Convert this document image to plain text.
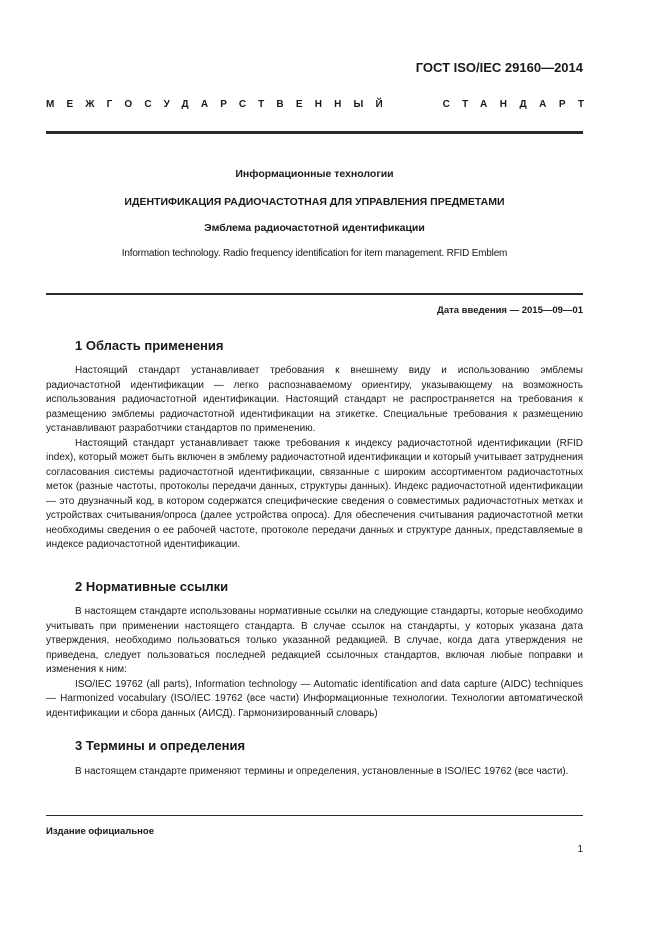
ГОСТ ISO/IEC 29160—2014
МЕЖГОСУДАРСТВЕННЫЙ	СТАНДАРТ
Информационные технологии
ИДЕНТИФИКАЦИЯ РАДИОЧАСТОТНАЯ ДЛЯ УПРАВЛЕНИЯ ПРЕДМЕТАМИ
Эмблема радиочастотной идентификации
Information technology. Radio frequency identification for item management. RFID Emblem
Дата введения — 2015—09—01
1 Область применения

Настоящий стандарт устанавливает требования к внешнему виду и использованию эмблемы радиочастотной идентификации — легко распознаваемому ориентиру, указывающему на возможность использования радиочастотной идентификации. Настоящий стандарт не распространяется на требования к размещению эмблемы радиочастотной идентификации на этикетке. Специальные требования к размещению устанавливают разработчики стандартов по применению.

Настоящий стандарт устанавливает также требования к индексу радиочастотной идентификации (RFID index), который может быть включен в эмблему радиочастотной идентификации и который учитывает затруднения согласования системы радиочастотной идентификации, связанные с широким ассортиментом радиочастотных меток (разные частоты, протоколы передачи данных, структуры данных). Индекс радиочастотной идентификации — это двузначный код, в котором содержатся специфические сведения о совместимых радиочастотных метках и устройствах считывания/опроса (далее устройства опроса). Для обеспечения считывания радиочастотной метки необходимы сведения о ее рабочей частоте, протоколе передачи данных и структуре данных, представляемые в индексе радиочастотной идентификации.

2 Нормативные ссылки

В настоящем стандарте использованы нормативные ссылки на следующие стандарты, которые необходимо учитывать при применении настоящего стандарта. В случае ссылок на стандарты, у которых указана дата утверждения, необходимо пользоваться только указанной редакцией. В случае, когда дата утверждения не приведена, следует пользоваться последней редакцией ссылочных стандартов, включая любые поправки и изменения к ним:

ISO/IEC 19762 (all parts), Information technology — Automatic identification and data capture (AIDC) techniques — Harmonized vocabulary (ISO/IEC 19762 (все части) Информационные технологии. Технологии автоматической идентификации и сбора данных (АИСД). Гармонизированный словарь)

3 Термины и определения

В настоящем стандарте применяют термины и определения, установленные в ISO/IEC 19762 (все части).

Издание официальное
1
